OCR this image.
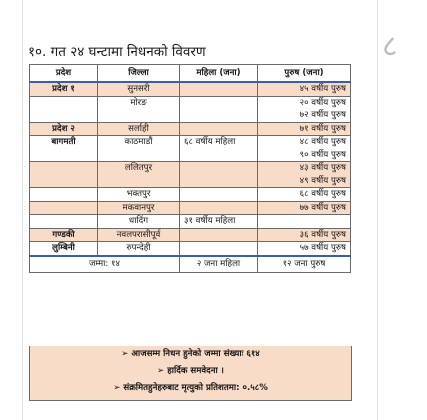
१०. गत २४ घन्टामा निधनको विवरण	८
प्रदेश	जिल्ला	महिला (जना)	पुरुष (जना)
प्रदेश १	सुनसरी		४५ वर्षीय पुरुष

	मोरङ		२० वर्षीय पुरुष
७२ वर्षीय पुरुष

प्रदेश २	सर्लाही		७१ वर्षीय पुरुष

बागमती	काठमाडौं	६८ वर्षीय महिला	४८ वर्षीय पुरुष
९० वर्षीय पुरुष

	ललितपुर		४३ वर्षीय पुरुष
४९ वर्षीय पुरुष

	भक्तपुर		६८ वर्षीय पुरुष

	मकवानपुर		७७ वर्षीय पुरुष

	धादिंग	३१ वर्षीय महिला	

गण्डकी	नवलपरासीपूर्व		३६ वर्षीय पुरुष

लुम्बिनी	रुपन्देही		५७ वर्षीय पुरुष

जम्मा: १४		२ जना महिला	१२ जना पुरुष
➢ आजसम्म निधन हुनेको जम्मा संख्याः ६१४
➢ हार्दिक समवेदना ।
➢ संक्रमितहुनेहरुबाट मृत्युको प्रतिशतमा: ०.५८%
